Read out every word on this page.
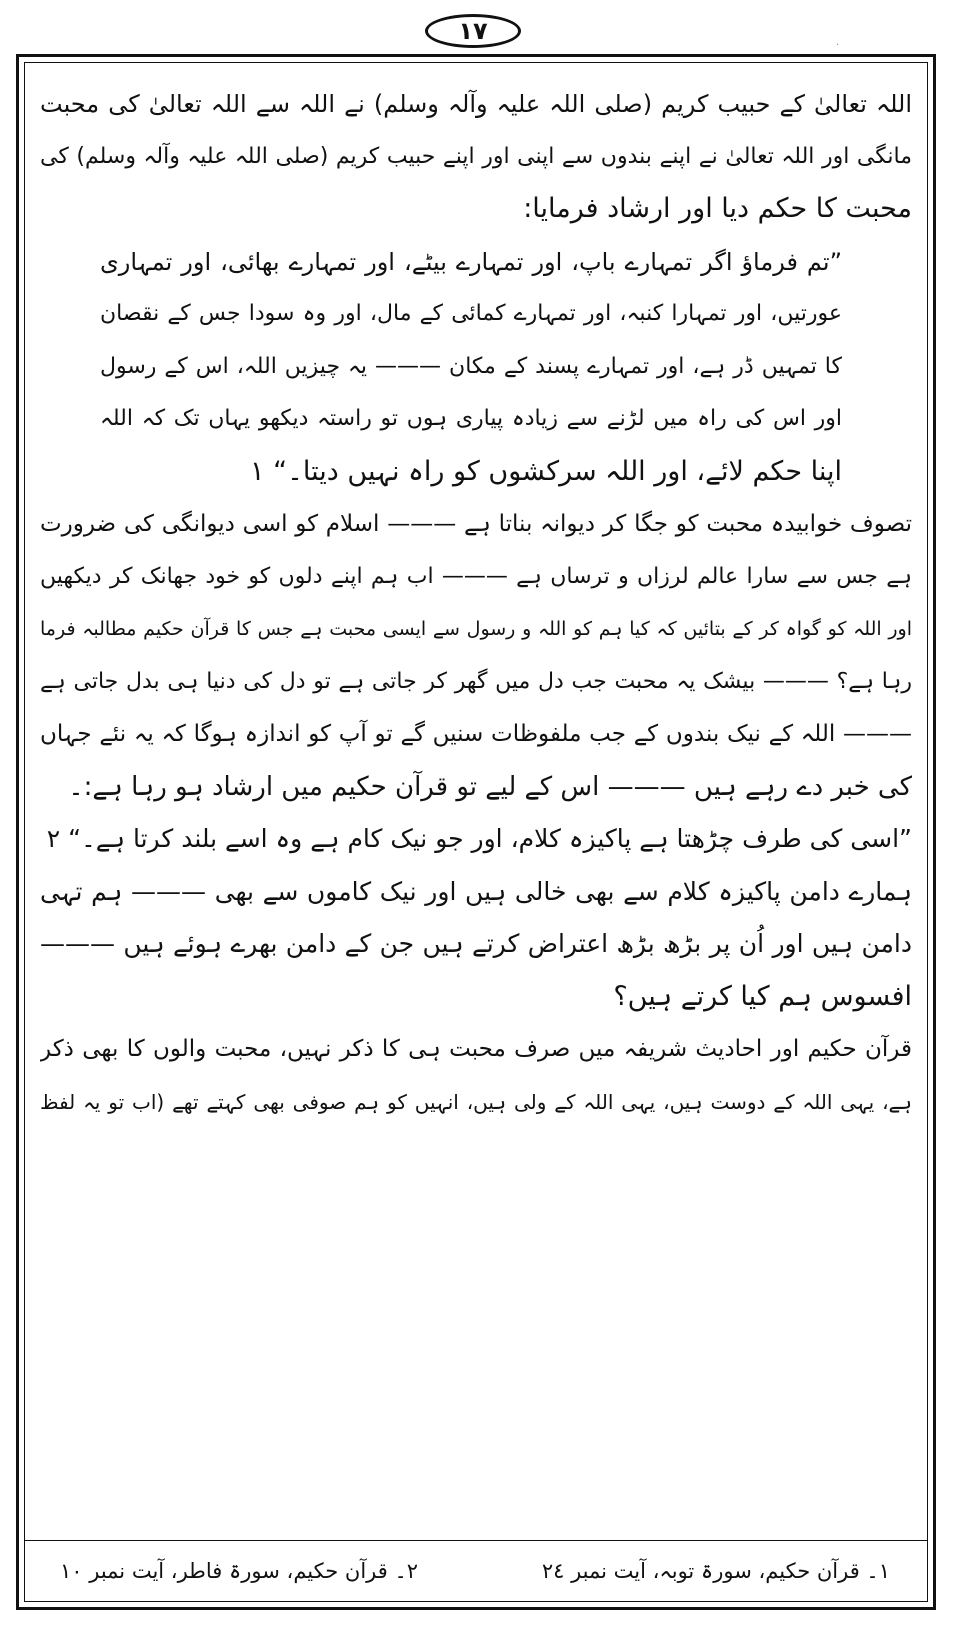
١٧
·
اللہ تعالیٰ کے حبیب کریم (صلی اللہ علیہ وآلہ وسلم) نے اللہ سے اللہ تعالیٰ کی محبت
مانگی اور اللہ تعالیٰ نے اپنے بندوں سے اپنی اور اپنے حبیب کریم (صلی اللہ علیہ وآلہ وسلم) کی
محبت کا حکم دیا اور ارشاد فرمایا:
”تم فرماؤ اگر تمہارے باپ، اور تمہارے بیٹے، اور تمہارے بھائی، اور تمہاری
عورتیں، اور تمہارا کنبہ، اور تمہارے کمائی کے مال، اور وہ سودا جس کے نقصان
کا تمہیں ڈر ہے، اور تمہارے پسند کے مکان ——— یہ چیزیں اللہ، اس کے رسول
اور اس کی راہ میں لڑنے سے زیادہ پیاری ہوں تو راستہ دیکھو یہاں تک کہ اللہ
اپنا حکم لائے، اور اللہ سرکشوں کو راہ نہیں دیتا۔“ ١
تصوف خوابیدہ محبت کو جگا کر دیوانہ بناتا ہے ——— اسلام کو اسی دیوانگی کی ضرورت
ہے جس سے سارا عالم لرزاں و ترساں ہے ——— اب ہم اپنے دلوں کو خود جھانک کر دیکھیں
اور اللہ کو گواہ کر کے بتائیں کہ کیا ہم کو اللہ و رسول سے ایسی محبت ہے جس کا قرآن حکیم مطالبہ فرما
رہا ہے؟ ——— بیشک یہ محبت جب دل میں گھر کر جاتی ہے تو دل کی دنیا ہی بدل جاتی ہے
——— اللہ کے نیک بندوں کے جب ملفوظات سنیں گے تو آپ کو اندازہ ہوگا کہ یہ نئے جہاں
کی خبر دے رہے ہیں ——— اس کے لیے تو قرآن حکیم میں ارشاد ہو رہا ہے:۔
”اسی کی طرف چڑھتا ہے پاکیزہ کلام، اور جو نیک کام ہے وہ اسے بلند کرتا ہے۔“ ٢
ہمارے دامن پاکیزہ کلام سے بھی خالی ہیں اور نیک کاموں سے بھی ——— ہم تہی
دامن ہیں اور اُن پر بڑھ بڑھ اعتراض کرتے ہیں جن کے دامن بھرے ہوئے ہیں ———
افسوس ہم کیا کرتے ہیں؟
قرآن حکیم اور احادیث شریفہ میں صرف محبت ہی کا ذکر نہیں، محبت والوں کا بھی ذکر
ہے، یہی اللہ کے دوست ہیں، یہی اللہ کے ولی ہیں، انہیں کو ہم صوفی بھی کہتے تھے (اب تو یہ لفظ
١۔ قرآن حکیم، سورۃ توبہ، آیت نمبر ٢٤
٢۔ قرآن حکیم، سورۃ فاطر، آیت نمبر ١٠
